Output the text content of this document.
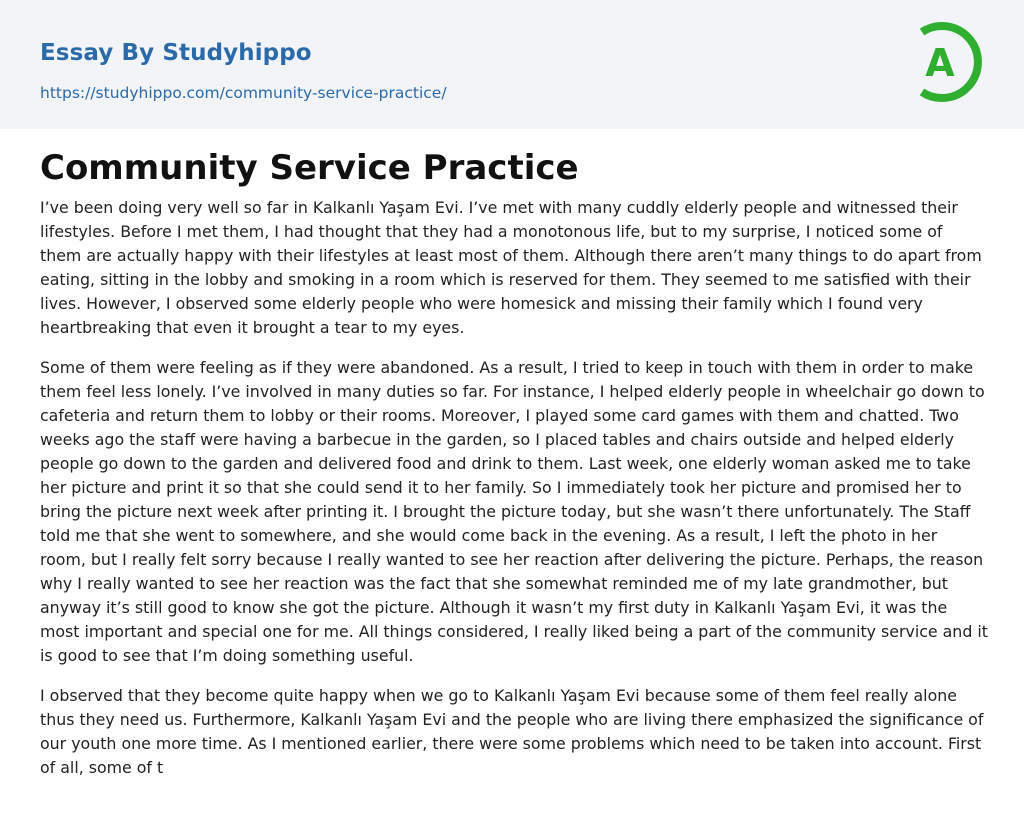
Essay By Studyhippo
https://studyhippo.com/community-service-practice/
A
Community Service Practice

I’ve been doing very well so far in Kalkanlı Yaşam Evi. I’ve met with many cuddly elderly people and witnessed their lifestyles. Before I met them, I had thought that they had a monotonous life, but to my surprise, I noticed some of them are actually happy with their lifestyles at least most of them. Although there aren’t many things to do apart from eating, sitting in the lobby and smoking in a room which is reserved for them. They seemed to me satisfied with their lives. However, I observed some elderly people who were homesick and missing their family which I found very heartbreaking that even it brought a tear to my eyes.

Some of them were feeling as if they were abandoned. As a result, I tried to keep in touch with them in order to make them feel less lonely. I’ve involved in many duties so far. For instance, I helped elderly people in wheelchair go down to cafeteria and return them to lobby or their rooms. Moreover, I played some card games with them and chatted. Two weeks ago the staff were having a barbecue in the garden, so I placed tables and chairs outside and helped elderly people go down to the garden and delivered food and drink to them. Last week, one elderly woman asked me to take her picture and print it so that she could send it to her family. So I immediately took her picture and promised her to bring the picture next week after printing it. I brought the picture today, but she wasn’t there unfortunately. The Staff told me that she went to somewhere, and she would come back in the evening. As a result, I left the photo in her room, but I really felt sorry because I really wanted to see her reaction after delivering the picture. Perhaps, the reason why I really wanted to see her reaction was the fact that she somewhat reminded me of my late grandmother, but anyway it’s still good to know she got the picture. Although it wasn’t my first duty in Kalkanlı Yaşam Evi, it was the most important and special one for me. All things considered, I really liked being a part of the community service and it is good to see that I’m doing something useful.

I observed that they become quite happy when we go to Kalkanlı Yaşam Evi because some of them feel really alone thus they need us. Furthermore, Kalkanlı Yaşam Evi and the people who are living there emphasized the significance of our youth one more time. As I mentioned earlier, there were some problems which need to be taken into account. First of all, some of t
